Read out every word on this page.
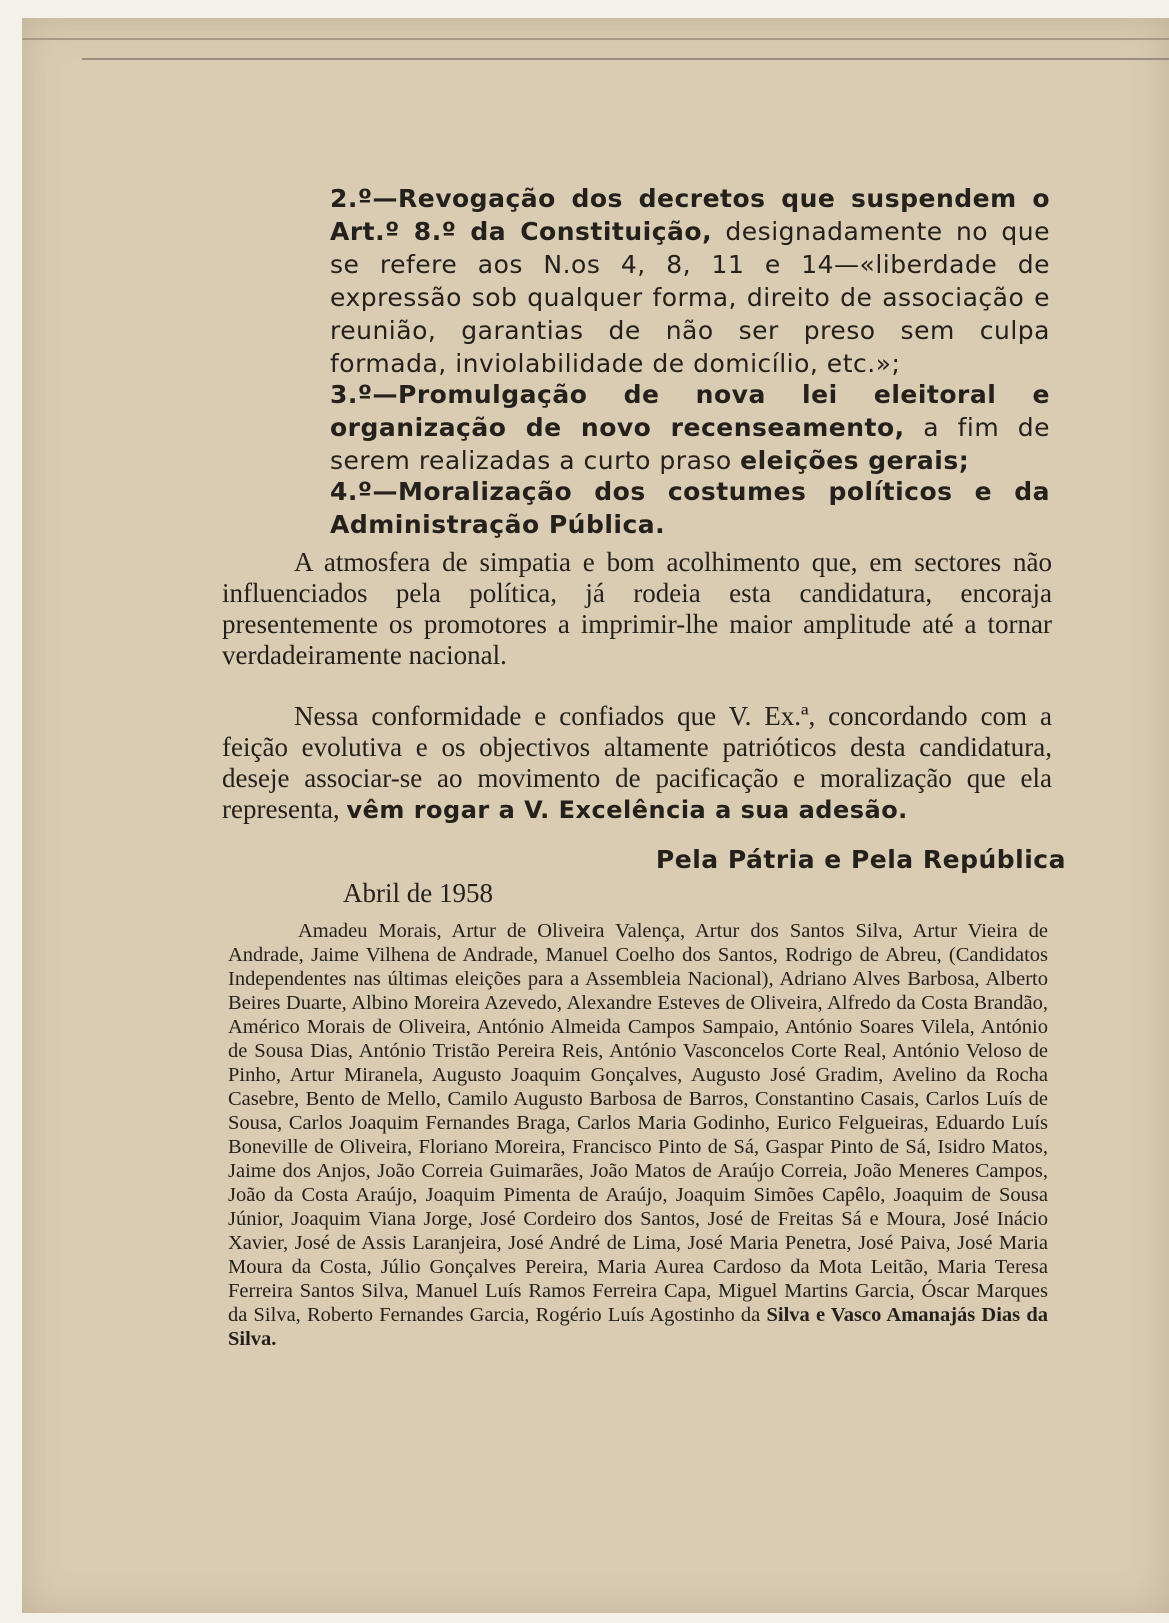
2.º—Revogação dos decretos que suspendem o Art.º 8.º da Constituição, designadamente no que se refere aos N.os 4, 8, 11 e 14—«liberdade de expressão sob qualquer forma, direito de associação e reunião, garantias de não ser preso sem culpa formada, inviolabilidade de domicílio, etc.»;
3.º—Promulgação de nova lei eleitoral e organização de novo recenseamento, a fim de serem realizadas a curto praso eleições gerais;
4.º—Moralização dos costumes políticos e da Administração Pública.
A atmosfera de simpatia e bom acolhimento que, em sectores não influenciados pela política, já rodeia esta candidatura, encoraja presentemente os promotores a imprimir-lhe maior amplitude até a tornar verdadeiramente nacional.
Nessa conformidade e confiados que V. Ex.ª, concordando com a feição evolutiva e os objectivos altamente patrióticos desta candidatura, deseje associar-se ao movimento de pacificação e moralização que ela representa, vêm rogar a V. Excelência a sua adesão.
Pela Pátria e Pela República
Abril de 1958
Amadeu Morais, Artur de Oliveira Valença, Artur dos Santos Silva, Artur Vieira de Andrade, Jaime Vilhena de Andrade, Manuel Coelho dos Santos, Rodrigo de Abreu, (Candidatos Independentes nas últimas eleições para a Assembleia Nacional), Adriano Alves Barbosa, Alberto Beires Duarte, Albino Moreira Azevedo, Alexandre Esteves de Oliveira, Alfredo da Costa Brandão, Américo Morais de Oliveira, António Almeida Campos Sampaio, António Soares Vilela, António de Sousa Dias, António Tristão Pereira Reis, António Vasconcelos Corte Real, António Veloso de Pinho, Artur Miranela, Augusto Joaquim Gonçalves, Augusto José Gradim, Avelino da Rocha Casebre, Bento de Mello, Camilo Augusto Barbosa de Barros, Constantino Casais, Carlos Luís de Sousa, Carlos Joaquim Fernandes Braga, Carlos Maria Godinho, Eurico Felgueiras, Eduardo Luís Boneville de Oliveira, Floriano Moreira, Francisco Pinto de Sá, Gaspar Pinto de Sá, Isidro Matos, Jaime dos Anjos, João Correia Guimarães, João Matos de Araújo Correia, João Meneres Campos, João da Costa Araújo, Joaquim Pimenta de Araújo, Joaquim Simões Capêlo, Joaquim de Sousa Júnior, Joaquim Viana Jorge, José Cordeiro dos Santos, José de Freitas Sá e Moura, José Inácio Xavier, José de Assis Laranjeira, José André de Lima, José Maria Penetra, José Paiva, José Maria Moura da Costa, Júlio Gonçalves Pereira, Maria Aurea Cardoso da Mota Leitão, Maria Teresa Ferreira Santos Silva, Manuel Luís Ramos Ferreira Capa, Miguel Martins Garcia, Óscar Marques da Silva, Roberto Fernandes Garcia, Rogério Luís Agostinho da Silva e Vasco Amanajás Dias da Silva.
